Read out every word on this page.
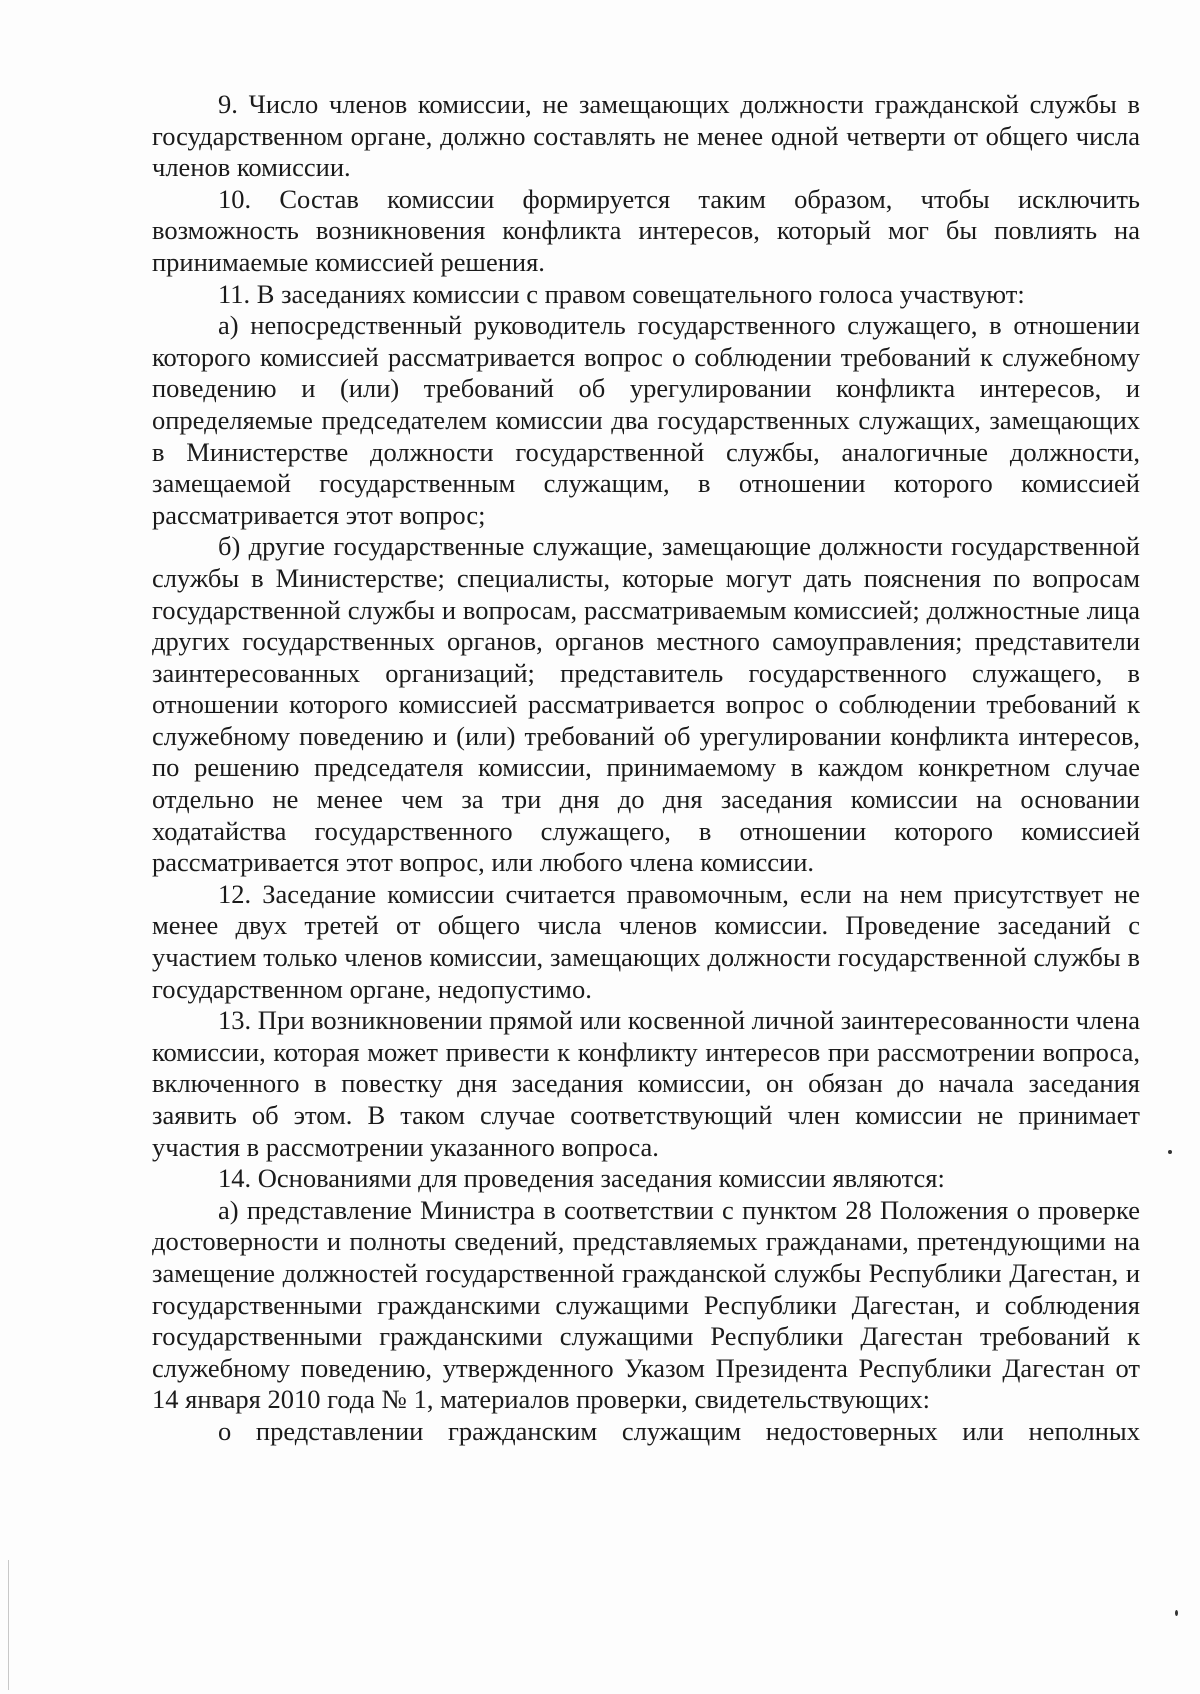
9. Число членов комиссии, не замещающих должности гражданской службы в государственном органе, должно составлять не менее одной четверти от общего числа членов комиссии.

10. Состав комиссии формируется таким образом, чтобы исключить возможность возникновения конфликта интересов, который мог бы повлиять на принимаемые комиссией решения.

11. В заседаниях комиссии с правом совещательного голоса участвуют:

а) непосредственный руководитель государственного служащего, в отношении которого комиссией рассматривается вопрос о соблюдении требований к служебному поведению и (или) требований об урегулировании конфликта интересов, и определяемые председателем комиссии два государственных служащих, замещающих в Министерстве должности государственной службы, аналогичные должности, замещаемой государственным служащим, в отношении которого комиссией рассматривается этот вопрос;

б) другие государственные служащие, замещающие должности государственной службы в Министерстве; специалисты, которые могут дать пояснения по вопросам государственной службы и вопросам, рассматриваемым комиссией; должностные лица других государственных органов, органов местного самоуправления; представители заинтересованных организаций; представитель государственного служащего, в отношении которого комиссией рассматривается вопрос о соблюдении требований к служебному поведению и (или) требований об урегулировании конфликта интересов, по решению председателя комиссии, принимаемому в каждом конкретном случае отдельно не менее чем за три дня до дня заседания комиссии на основании ходатайства государственного служащего, в отношении которого комиссией рассматривается этот вопрос, или любого члена комиссии.

12. Заседание комиссии считается правомочным, если на нем присутствует не менее двух третей от общего числа членов комиссии. Проведение заседаний с участием только членов комиссии, замещающих должности государственной службы в государственном органе, недопустимо.

13. При возникновении прямой или косвенной личной заинтересованности члена комиссии, которая может привести к конфликту интересов при рассмотрении вопроса, включенного в повестку дня заседания комиссии, он обязан до начала заседания заявить об этом. В таком случае соответствующий член комиссии не принимает участия в рассмотрении указанного вопроса.

14. Основаниями для проведения заседания комиссии являются:

а) представление Министра в соответствии с пунктом 28 Положения о проверке достоверности и полноты сведений, представляемых гражданами, претендующими на замещение должностей государственной гражданской службы Республики Дагестан, и государственными гражданскими служащими Республики Дагестан, и соблюдения государственными гражданскими служащими Республики Дагестан требований к служебному поведению, утвержденного Указом Президента Республики Дагестан от 14 января 2010 года № 1, материалов проверки, свидетельствующих:

о представлении гражданским служащим недостоверных или неполных
